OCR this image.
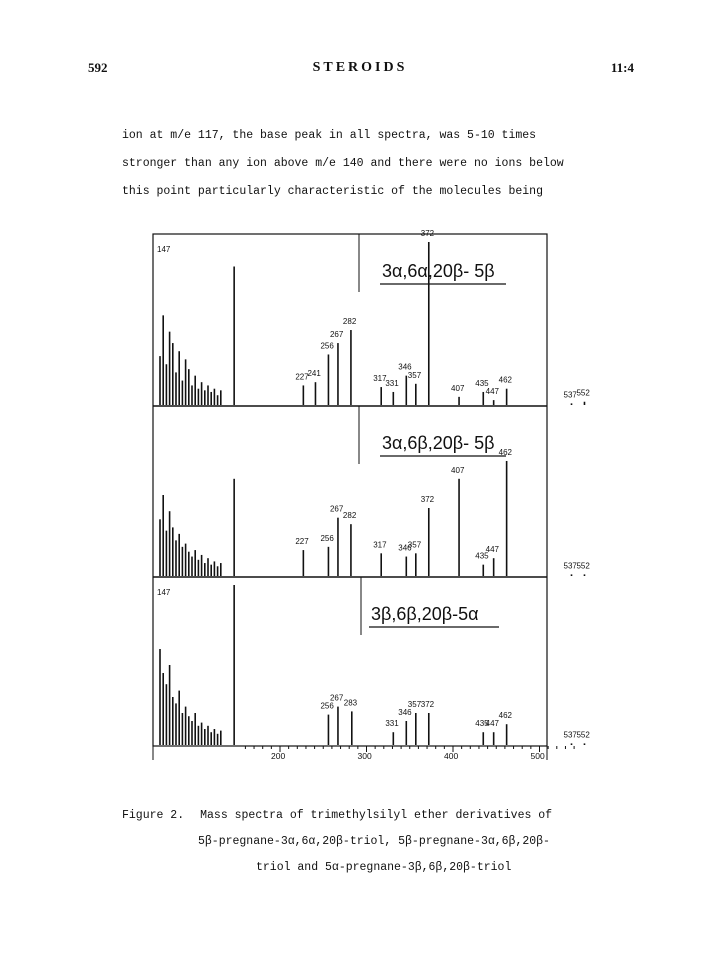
592	STEROIDS	11:4

ion at m/e 117, the base peak in all spectra, was 5-10 times

stronger than any ion above m/e 140 and there were no ions below

this point particularly characteristic of the molecules being

3α,6α,20β- 5β
147
227
241
256
267
282
317
331
346
357
372
407
435
447
462
537 552
3α,6β,20β- 5β
227 256
267
282
317 346
357
372
407
435
447
462
537 552
3β,6β,20β-5α
147
256
267
283
331
346
357 372
435
447
462
537 552
200	300	400	500

Figure 2. Mass spectra of trimethylsilyl ether derivatives of

5β-pregnane-3α,6α,20β-triol, 5β-pregnane-3α,6β,20β-

triol and 5α-pregnane-3β,6β,20β-triol
